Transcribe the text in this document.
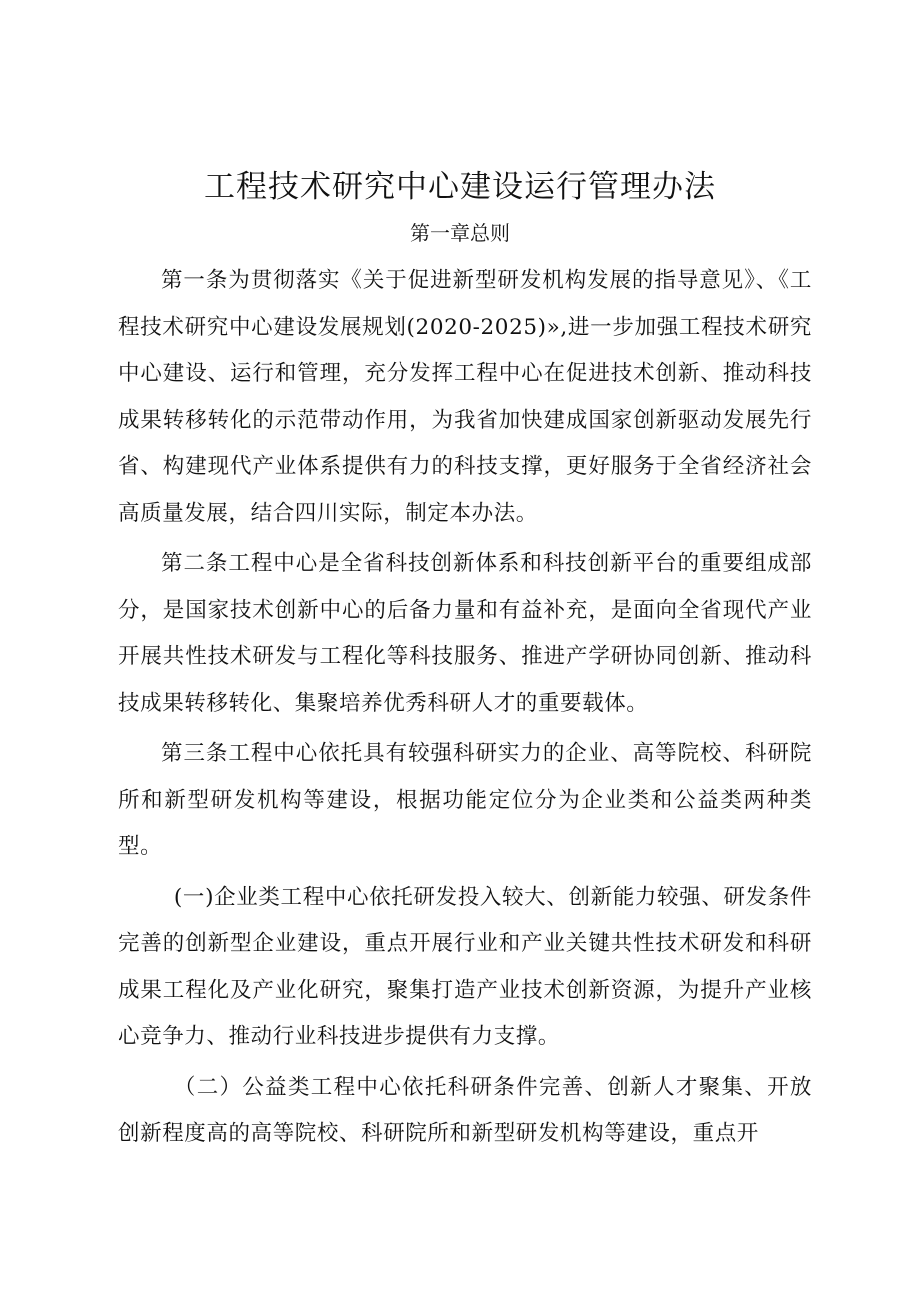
工程技术研究中心建设运行管理办法
第一章总则

第一条为贯彻落实《关于促进新型研发机构发展的指导意见》、《工程技术研究中心建设发展规划(2020-2025)»,进一步加强工程技术研究中心建设、运行和管理，充分发挥工程中心在促进技术创新、推动科技成果转移转化的示范带动作用，为我省加快建成国家创新驱动发展先行省、构建现代产业体系提供有力的科技支撑，更好服务于全省经济社会高质量发展，结合四川实际，制定本办法。

第二条工程中心是全省科技创新体系和科技创新平台的重要组成部分，是国家技术创新中心的后备力量和有益补充，是面向全省现代产业开展共性技术研发与工程化等科技服务、推进产学研协同创新、推动科技成果转移转化、集聚培养优秀科研人才的重要载体。

第三条工程中心依托具有较强科研实力的企业、高等院校、科研院所和新型研发机构等建设，根据功能定位分为企业类和公益类两种类型。

(一)企业类工程中心依托研发投入较大、创新能力较强、研发条件完善的创新型企业建设，重点开展行业和产业关键共性技术研发和科研成果工程化及产业化研究，聚集打造产业技术创新资源，为提升产业核心竞争力、推动行业科技进步提供有力支撑。

（二）公益类工程中心依托科研条件完善、创新人才聚集、开放创新程度高的高等院校、科研院所和新型研发机构等建设，重点开
